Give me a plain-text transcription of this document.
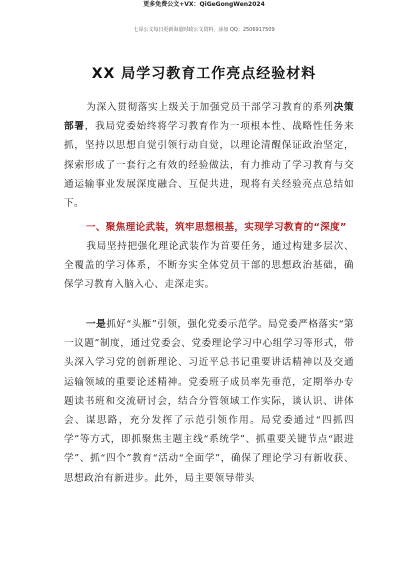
更多免费公文+VX：QiGeGongWen2024
七哥公文每日更新海量时政公文资料，添加 QQ：2506917509
XX 局学习教育工作亮点经验材料
为深入贯彻落实上级关于加强党员干部学习教育的系列决策部署，我局党委始终将学习教育作为一项根本性、战略性任务来抓，坚持以思想自觉引领行动自觉，以理论清醒保证政治坚定，探索形成了一套行之有效的经验做法，有力推动了学习教育与交通运输事业发展深度融合、互促共进，现将有关经验亮点总结如下。
一、聚焦理论武装，筑牢思想根基，实现学习教育的“深度”
我局坚持把强化理论武装作为首要任务，通过构建多层次、全覆盖的学习体系，不断夯实全体党员干部的思想政治基础，确保学习教育入脑入心、走深走实。
一是抓好“头雁”引领，强化党委示范学。局党委严格落实“第一议题”制度，通过党委会、党委理论学习中心组学习等形式，带头深入学习党的创新理论、习近平总书记重要讲话精神以及交通运输领域的重要论述精神。党委班子成员率先垂范，定期举办专题读书班和交流研讨会，结合分管领域工作实际，谈认识、讲体会、谋思路，充分发挥了示范引领作用。局党委通过“四抓四学”等方式，即抓聚焦主题主线“系统学”、抓重要关键节点“跟进学”、抓“四个”教育“活动“全面学”，确保了理论学习有新收获、思想政治有新进步。此外，局主要领导带头
